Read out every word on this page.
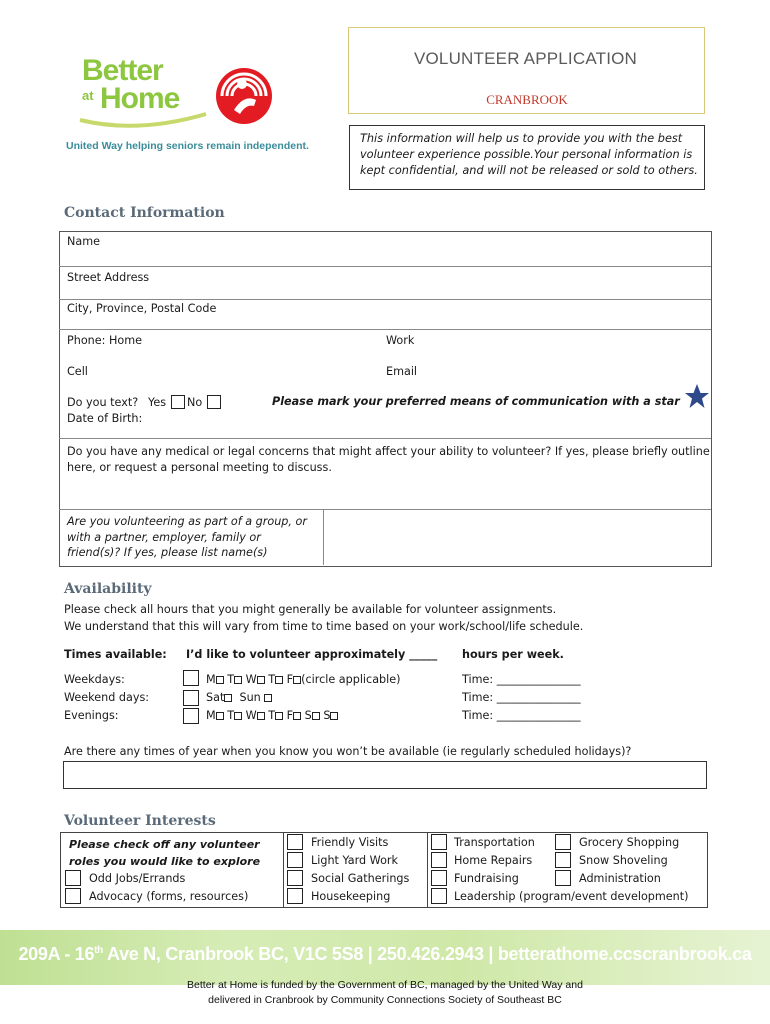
Better
at Home
United Way helping seniors remain independent.
VOLUNTEER APPLICATION
CRANBROOK
This information will help us to provide you with the best
volunteer experience possible.Your personal information is
kept confidential, and will not be released or sold to others.
Contact Information
Name
Street Address
City, Province, Postal Code
Phone: Home	Work
Cell	Email
Do you text? Yes No	Please mark your preferred means of communication with a star
Date of Birth:
Do you have any medical or legal concerns that might affect your ability to volunteer? If yes, please briefly outline
here, or request a personal meeting to discuss.
Are you volunteering as part of a group, or
with a partner, employer, family or
friend(s)? If yes, please list name(s)
Availability
Please check all hours that you might generally be available for volunteer assignments.
We understand that this will vary from time to time based on your work/school/life schedule.
Times available: I’d like to volunteer approximately _____ hours per week.
Weekdays:	M T W T F (circle applicable)	Time: _______________
Weekend days:	Sat Sun	Time: _______________
Evenings:	M T W T F S S	Time: _______________
Are there any times of year when you know you won’t be available (ie regularly scheduled holidays)?
Volunteer Interests
Please check off any volunteer
roles you would like to explore
Odd Jobs/Errands
Advocacy (forms, resources)
Friendly Visits
Light Yard Work
Social Gatherings
Housekeeping
Transportation
Home Repairs
Fundraising
Leadership (program/event development)
Grocery Shopping
Snow Shoveling
Administration
209A - 16th Ave N, Cranbrook BC, V1C 5S8 | 250.426.2943 | betterathome.ccscranbrook.ca
Better at Home is funded by the Government of BC, managed by the United Way and
delivered in Cranbrook by Community Connections Society of Southeast BC
